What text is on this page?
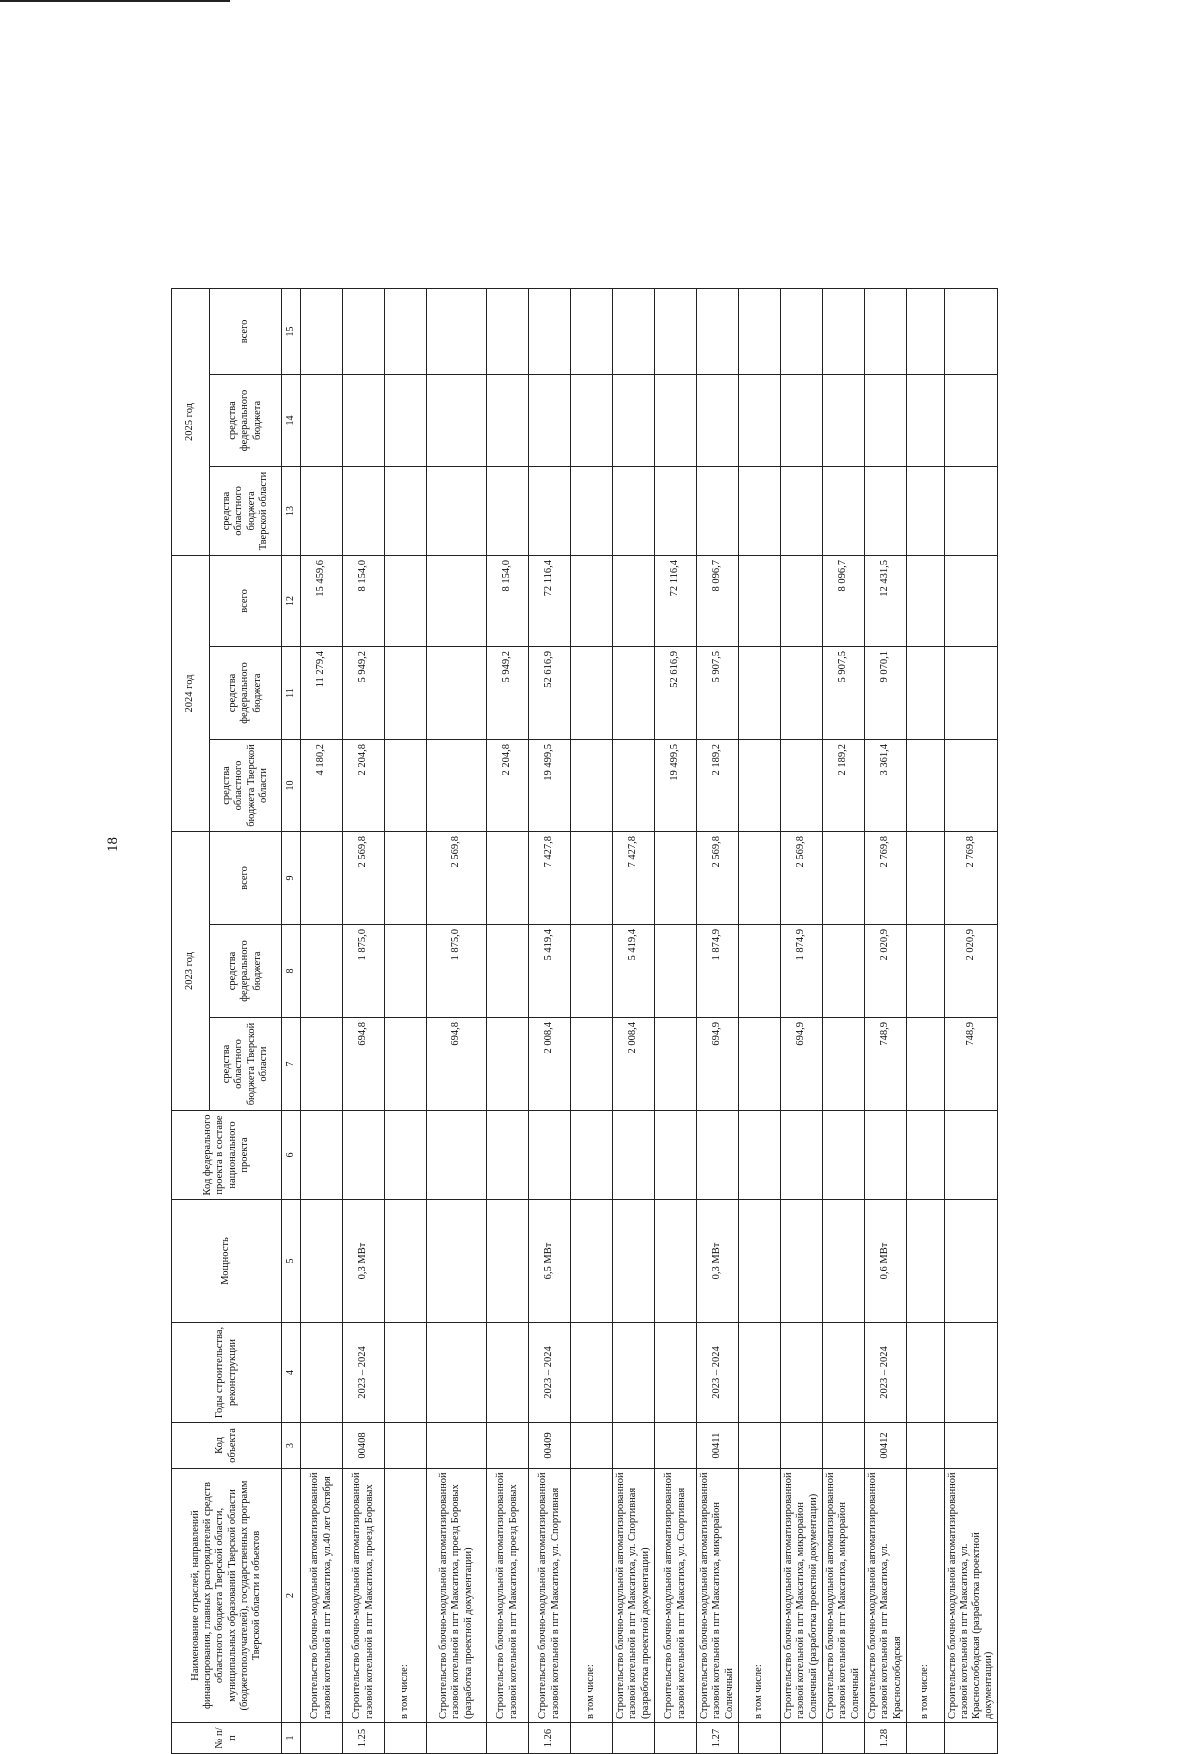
18
№ п/п	Наименование отраслей, направлений финансирования, главных распорядителей средств областного бюджета Тверской области, муниципальных образований Тверской области (бюджетополучателей), государственных программ Тверской области и объектов	Код объекта	Годы строительства, реконструкции	Мощность	Код федерального проекта в составе национального проекта	2023 год			2024 год			2025 год		
						средства областного бюджета Тверской области	средства федерального бюджета	всего	средства областного бюджета Тверской области	средства федерального бюджета	всего	средства областного бюджета Тверской области	средства федерального бюджета	всего
1	2	3	4	5	6	7	8	9	10	11	12	13	14	15
	Строительство блочно-модульной автоматизированной газовой котельной в пгт Максатиха, ул.40 лет Октября								4 180,2	11 279,4	15 459,6			
1.25	Строительство блочно-модульной автоматизированной газовой котельной в пгт Максатиха, проезд Боровых	00408	2023 – 2024	0,3 МВт		694,8	1 875,0	2 569,8	2 204,8	5 949,2	8 154,0			
	в том числе:													
	Строительство блочно-модульной автоматизированной газовой котельной в пгт Максатиха, проезд Боровых (разработка проектной документации)					694,8	1 875,0	2 569,8						
	Строительство блочно-модульной автоматизированной газовой котельной в пгт Максатиха, проезд Боровых								2 204,8	5 949,2	8 154,0			
1.26	Строительство блочно-модульной автоматизированной газовой котельной в пгт Максатиха, ул. Спортивная	00409	2023 – 2024	6,5 МВт		2 008,4	5 419,4	7 427,8	19 499,5	52 616,9	72 116,4			
	в том числе:													
	Строительство блочно-модульной автоматизированной газовой котельной в пгт Максатиха, ул. Спортивная (разработка проектной документации)					2 008,4	5 419,4	7 427,8						
	Строительство блочно-модульной автоматизированной газовой котельной в пгт Максатиха, ул. Спортивная								19 499,5	52 616,9	72 116,4			
1.27	Строительство блочно-модульной автоматизированной газовой котельной в пгт Максатиха, микрорайон Солнечный	00411	2023 – 2024	0,3 МВт		694,9	1 874,9	2 569,8	2 189,2	5 907,5	8 096,7			
	в том числе:													
	Строительство блочно-модульной автоматизированной газовой котельной в пгт Максатиха, микрорайон Солнечный (разработка проектной документации)					694,9	1 874,9	2 569,8						
	Строительство блочно-модульной автоматизированной газовой котельной в пгт Максатиха, микрорайон Солнечный								2 189,2	5 907,5	8 096,7			
1.28	Строительство блочно-модульной автоматизированной газовой котельной в пгт Максатиха, ул. Краснослободская	00412	2023 – 2024	0,6 МВт		748,9	2 020,9	2 769,8	3 361,4	9 070,1	12 431,5			
	в том числе:													
	Строительство блочно-модульной автоматизированной газовой котельной в пгт Максатиха, ул. Краснослободская (разработка проектной документации)					748,9	2 020,9	2 769,8						
